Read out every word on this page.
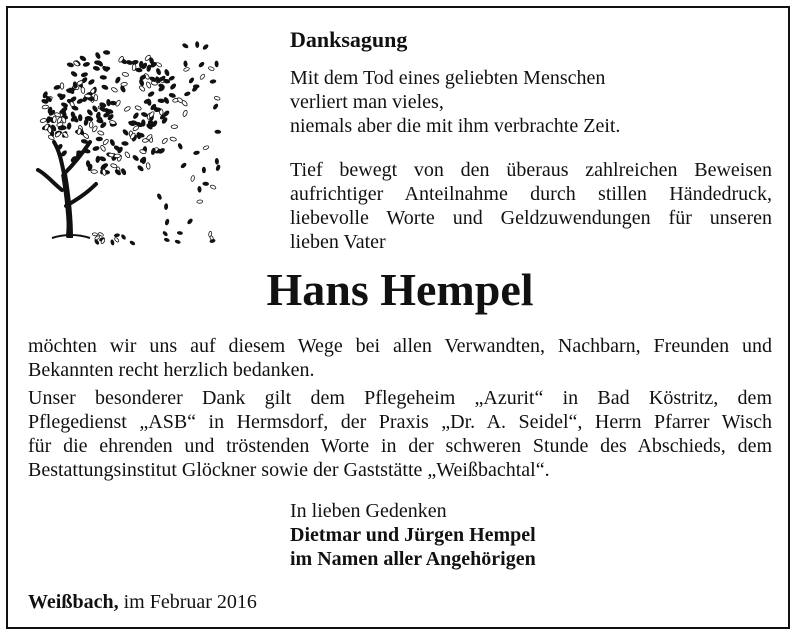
Danksagung
Mit dem Tod eines geliebten Menschen
verliert man vieles,
niemals aber die mit ihm verbrachte Zeit.
Tief bewegt von den überaus zahlreichen Beweisen
aufrichtiger Anteilnahme durch stillen Händedruck,
liebevolle Worte und Geldzuwendungen für unseren
lieben Vater
Hans Hempel
möchten wir uns auf diesem Wege bei allen Verwandten, Nachbarn, Freunden und
Bekannten recht herzlich bedanken.
Unser besonderer Dank gilt dem Pflegeheim „Azurit“ in Bad Köstritz, dem
Pflegedienst „ASB“ in Hermsdorf, der Praxis „Dr. A. Seidel“, Herrn Pfarrer Wisch
für die ehrenden und tröstenden Worte in der schweren Stunde des Abschieds, dem
Bestattungsinstitut Glöckner sowie der Gaststätte „Weißbachtal“.
In lieben Gedenken
Dietmar und Jürgen Hempel
im Namen aller Angehörigen
Weißbach, im Februar 2016
